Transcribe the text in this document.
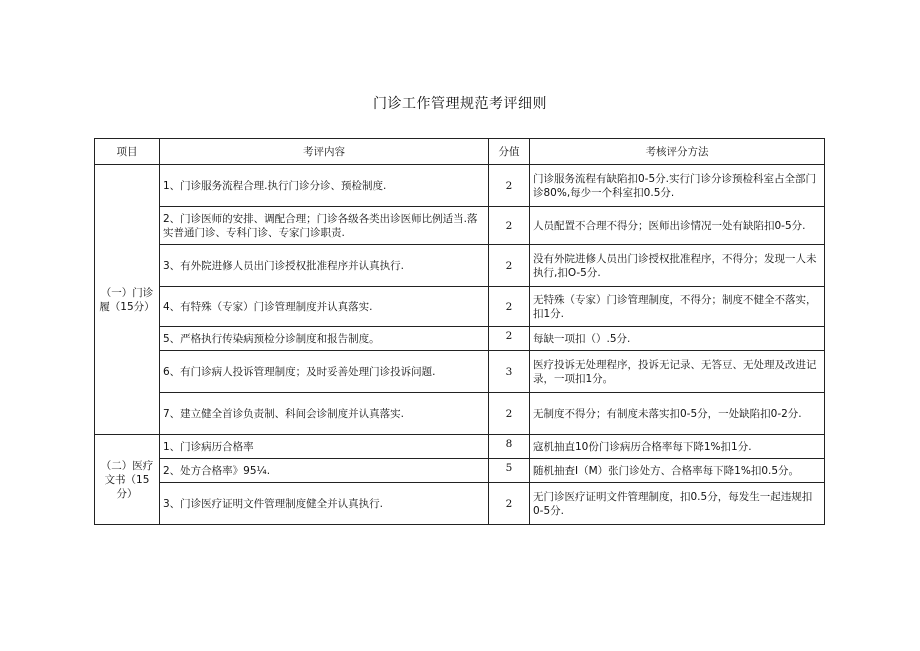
门诊工作管理规范考评细则
项目	考评内容	分值	考核评分方法
（一）门诊履（15分）	1、门诊服务流程合理.执行门诊分诊、预检制度.	2	门诊服务流程有缺陷扣0-5分.实行门诊分诊预检科室占全部门诊80%,每少一个科室扣0.5分.
	2、门诊医师的安排、调配合理；门诊各级各类出诊医师比例适当.落实普通门诊、专科门诊、专家门诊职责.	2	人员配置不合理不得分；医师出诊情况一处有缺陷扣0-5分.
	3、有外院进修人员出门诊授权批准程序并认真执行.	2	没有外院进修人员出门诊授权批准程序，不得分；发现一人未执行,扣O-5分.
	4、有特殊（专家）门诊管理制度并认真落实.	2	无特殊（专家）门诊管理制度，不得分；制度不健全不落实，扣1分.
	5、严格执行传染病预检分诊制度和报告制度。	2	每缺一项扣（）.5分.
	6、有门诊病人投诉管理制度；及时妥善处理门诊投诉问题.	3	医疗投诉无处理程序，投诉无记录、无答豆、无处理及改进记录，一项扣1分。
	7、建立健全首诊负责制、科间会诊制度并认真落实.	2	无制度不得分；有制度未落实扣0-5分，一处缺陷扣0-2分.
（二）医疗文书（15分）	1、门诊病历合格率	8	寇机抽直10份门诊病历合格率每下降1%扣1分.
	2、处方合格率》95¼.	5	随机抽査I（M）张门诊处方、合格率每下降1%扣0.5分。
	3、门诊医疗证明文件管理制度健全并认真执行.	2	无门诊医疗证明文件管理制度，扣0.5分，每发生一起违规扣0-5分.
